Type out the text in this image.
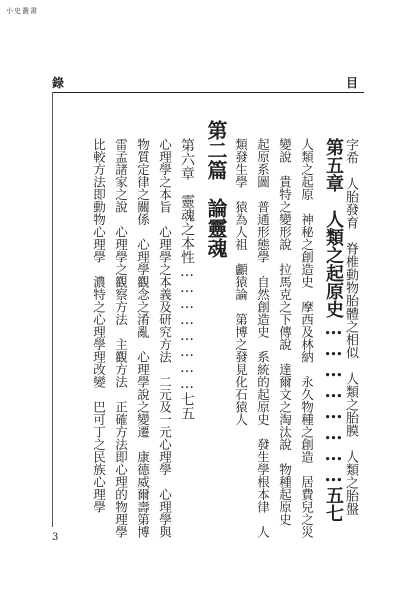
小史叢書
錄	目
字希　人胎發育　脊椎動物胎體之相似　人類之胎膜　人類之胎盤
第五章　人類之起原史……………………五七
人類之起原　神秘之創造史　摩西及林納　永久物種之創造　居費兒之災
變說　貴特之變形說　拉馬克之下傳說　達爾文之淘汰說　物種起原史
起原系圖　普通形態學　自然創造史　系統的起原史　發生學根本律　人
類發生學　猿為人祖　顱猿論　第博之發見化石猿人
第二篇
論靈魂
第六章　靈魂之本性……………………七五
心理學之本旨　心理學之本義及研究方法　二元及一元心理學　心理學與
物質定律之關係　心理學觀念之淆亂　心理學說之變遷　康德威爾壽第博
雷孟諸家之說　心理學之觀察方法　主觀方法　正確方法即心理的物理學
比較方法即動物心理學　濃特之心理學理改變　巴可丁之民族心理學
3
